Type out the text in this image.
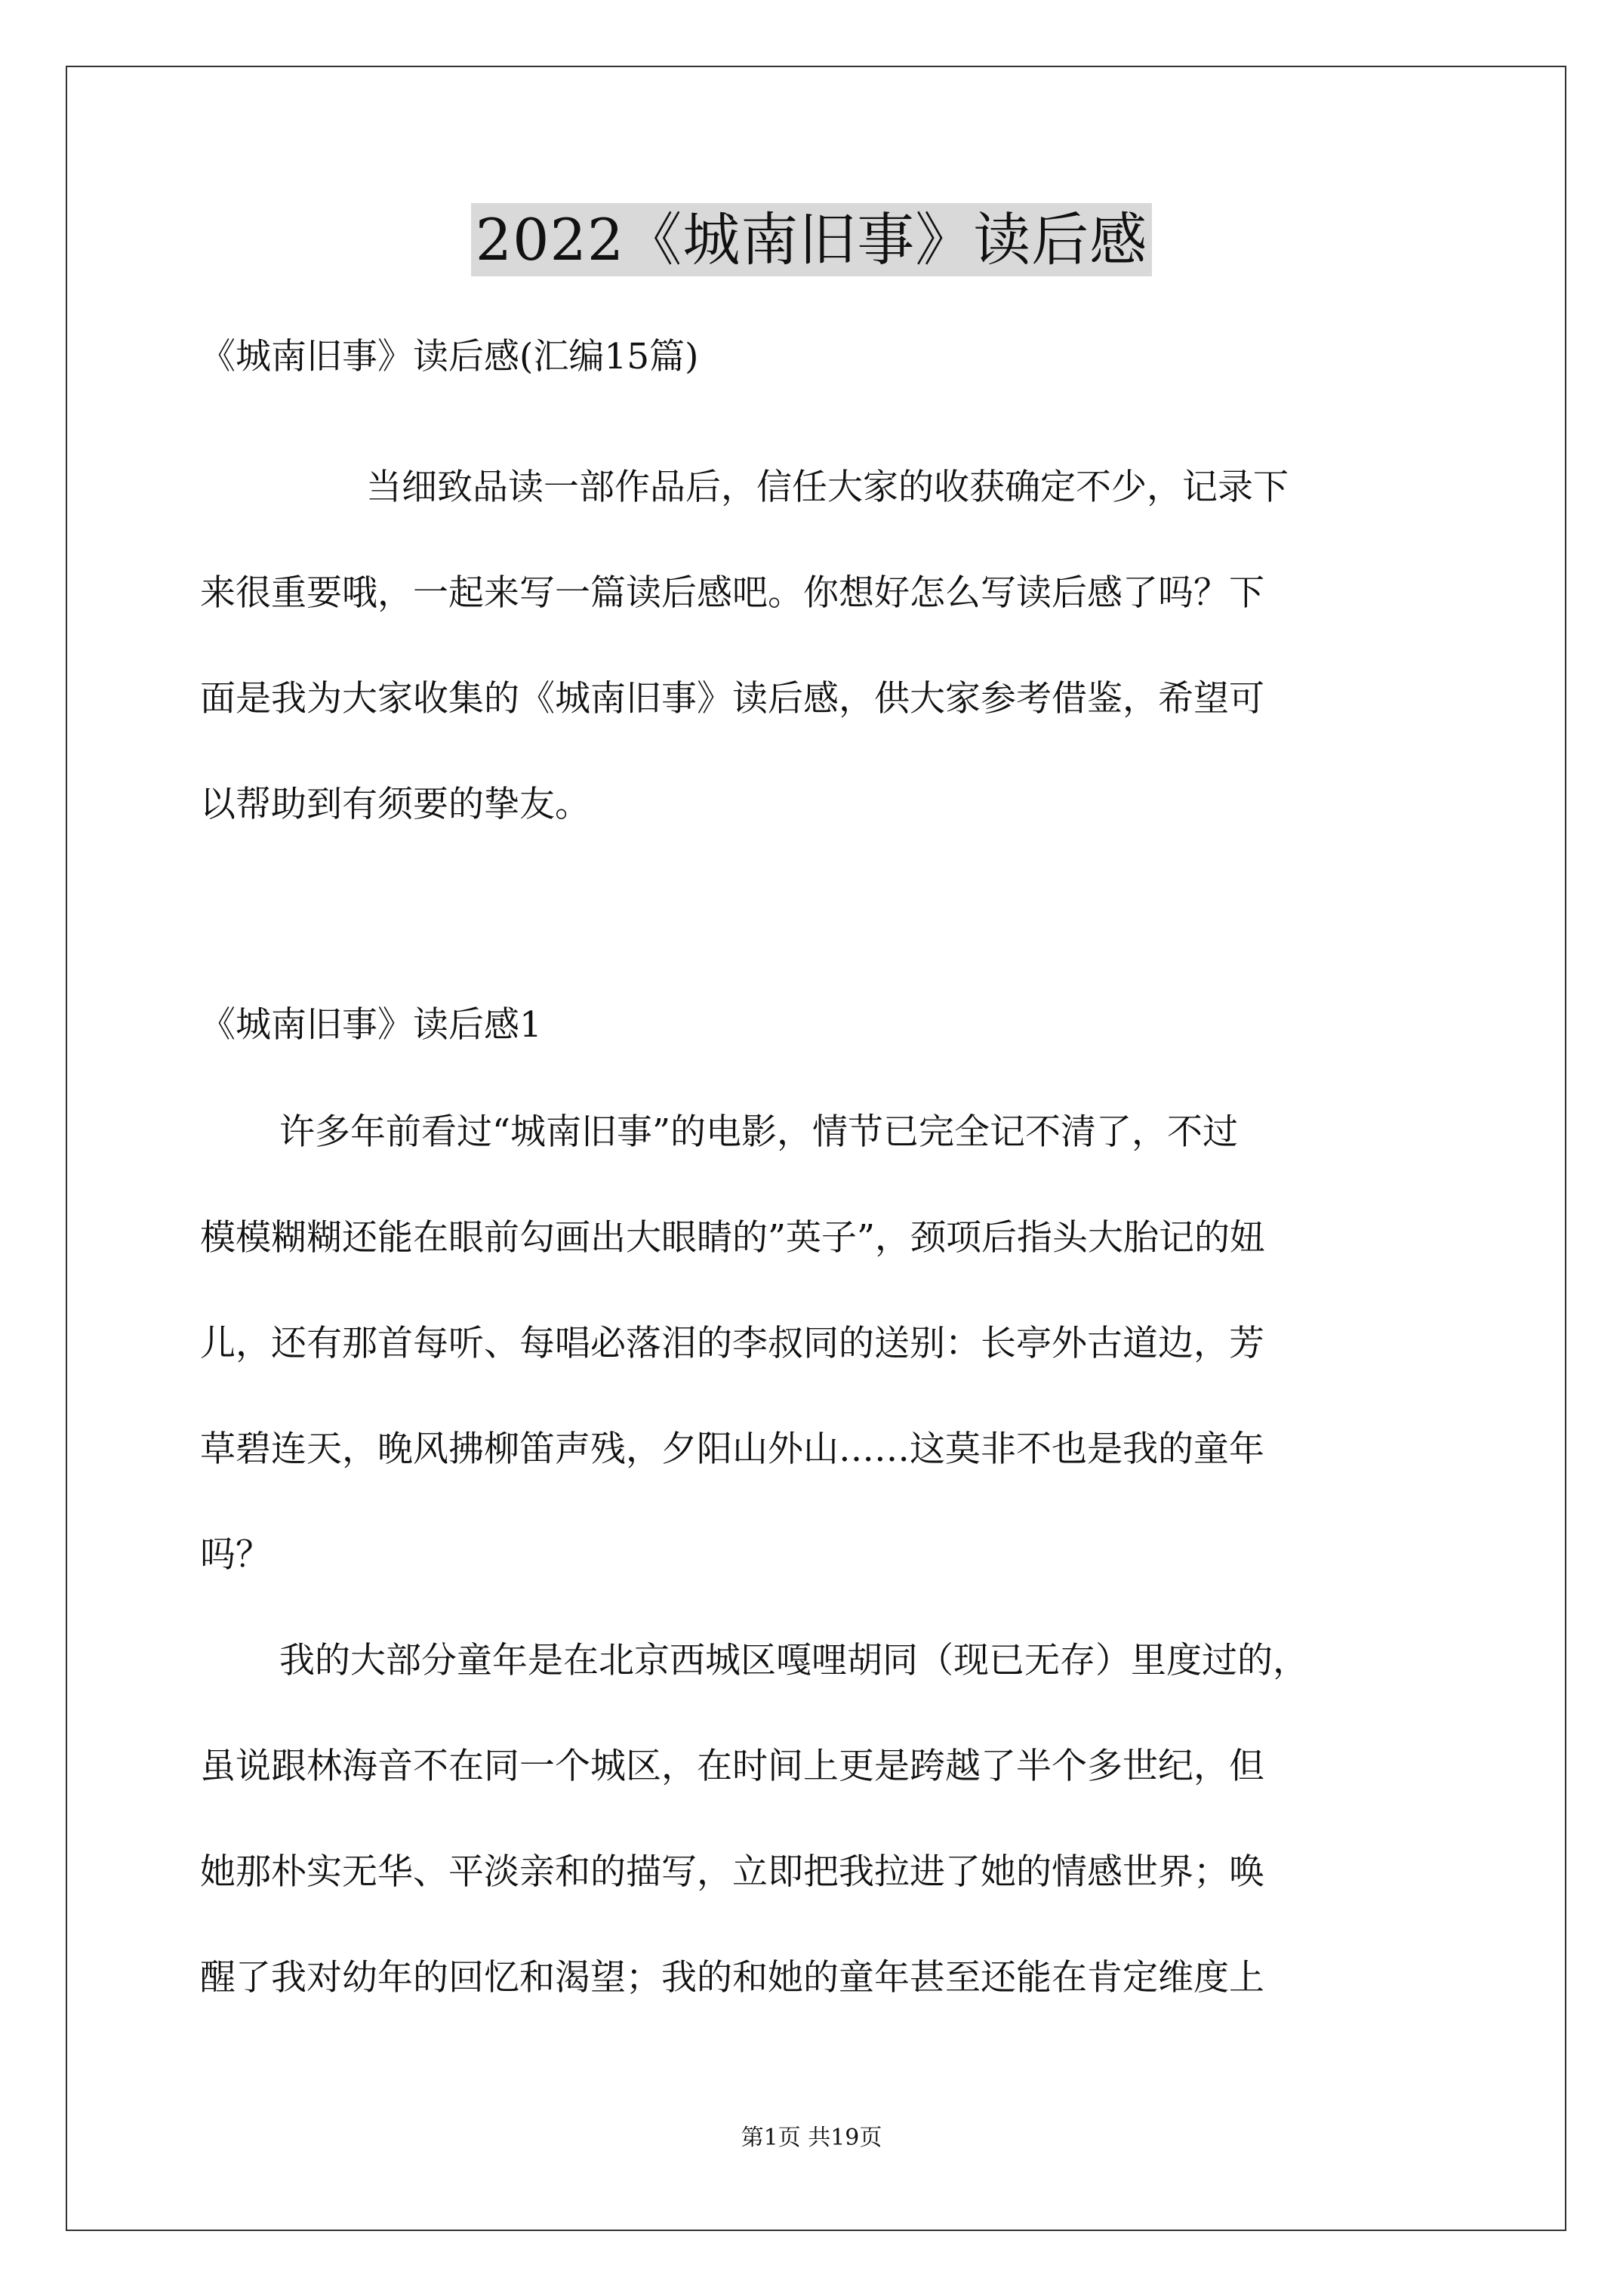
2022《城南旧事》读后感
《城南旧事》读后感(汇编15篇)
当细致品读一部作品后，信任大家的收获确定不少，记录下
来很重要哦，一起来写一篇读后感吧。你想好怎么写读后感了吗？下
面是我为大家收集的《城南旧事》读后感，供大家参考借鉴，希望可
以帮助到有须要的挚友。
《城南旧事》读后感1
许多年前看过“城南旧事”的电影，情节已完全记不清了，不过
模模糊糊还能在眼前勾画出大眼睛的”英子”，颈项后指头大胎记的妞
儿，还有那首每听、每唱必落泪的李叔同的送别：长亭外古道边，芳
草碧连天，晚风拂柳笛声残，夕阳山外山……这莫非不也是我的童年
吗？
我的大部分童年是在北京西城区嘎哩胡同（现已无存）里度过的，
虽说跟林海音不在同一个城区，在时间上更是跨越了半个多世纪，但
她那朴实无华、平淡亲和的描写，立即把我拉进了她的情感世界；唤
醒了我对幼年的回忆和渴望；我的和她的童年甚至还能在肯定维度上
第1页 共19页
